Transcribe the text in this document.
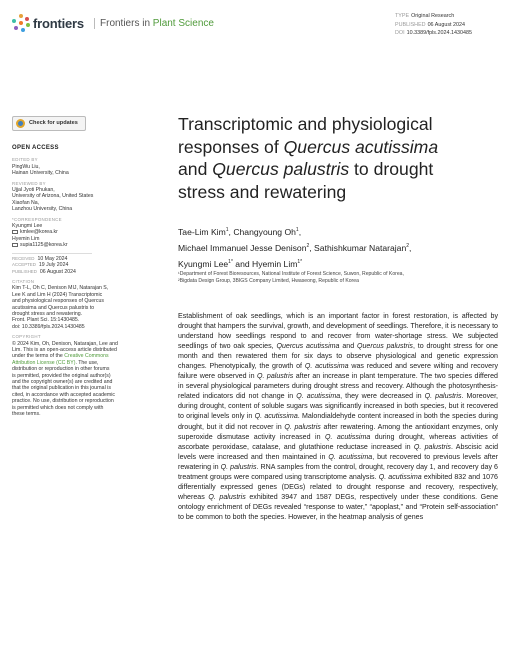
frontiers	Frontiers in Plant Science
TYPE Original Research
PUBLISHED 06 August 2024
DOI 10.3389/fpls.2024.1430485
Check for updates
OPEN ACCESS
EDITED BY
PingWu Liu,
Hainan University, China
REVIEWED BY
Ujjal Jyoti Phukan,
University of Arizona, United States
Xiaofan Na,
Lanzhou University, China
*CORRESPONDENCE
Kyungmi Lee
kmlee@korea.kr
Hyemin Lim
supia1125@korea.kr
RECEIVED 10 May 2024
ACCEPTED 19 July 2024
PUBLISHED 06 August 2024
CITATION
Kim T-L, Oh C, Denison MIJ, Natarajan S,
Lee K and Lim H (2024) Transcriptomic
and physiological responses of Quercus
acutissima and Quercus palustris to
drought stress and rewatering.
Front. Plant Sci. 15:1430485.
doi: 10.3389/fpls.2024.1430485
COPYRIGHT
© 2024 Kim, Oh, Denison, Natarajan, Lee and
Lim. This is an open-access article distributed
under the terms of the Creative Commons
Attribution License (CC BY). The use,
distribution or reproduction in other forums
is permitted, provided the original author(s)
and the copyright owner(s) are credited and
that the original publication in this journal is
cited, in accordance with accepted academic
practice. No use, distribution or reproduction
is permitted which does not comply with
these terms.
Transcriptomic and physiological
responses of Quercus acutissima
and Quercus palustris to drought
stress and rewatering
Tae-Lim Kim$^1$, Changyoung Oh$^1$,
Michael Immanuel Jesse Denison$^2$, Sathishkumar Natarajan$^2$,
Kyungmi Lee$^{1*}$ and Hyemin Lim$^{1*}$
¹Department of Forest Bioresources, National Institute of Forest Science, Suwon, Republic of Korea,
²Bigdata Design Group, 3BIGS Company Limited, Hwaseong, Republic of Korea

Establishment of oak seedlings, which is an important factor in forest restoration, is affected by drought that hampers the survival, growth, and development of seedlings. Therefore, it is necessary to understand how seedlings respond to and recover from water-shortage stress. We subjected seedlings of two oak species, Quercus acutissima and Quercus palustris, to drought stress for one month and then rewatered them for six days to observe physiological and genetic expression changes. Phenotypically, the growth of Q. acutissima was reduced and severe wilting and recovery failure were observed in Q. palustris after an increase in plant temperature. The two species differed in several physiological parameters during drought stress and recovery. Although the photosynthesis-related indicators did not change in Q. acutissima, they were decreased in Q. palustris. Moreover, during drought, content of soluble sugars was significantly increased in both species, but it recovered to original levels only in Q. acutissima. Malondialdehyde content increased in both the species during drought, but it did not recover in Q. palustris after rewatering. Among the antioxidant enzymes, only superoxide dismutase activity increased in Q. acutissima during drought, whereas activities of ascorbate peroxidase, catalase, and glutathione reductase increased in Q. palustris. Abscisic acid levels were increased and then maintained in Q. acutissima, but recovered to previous levels after rewatering in Q. palustris. RNA samples from the control, drought, recovery day 1, and recovery day 6 treatment groups were compared using transcriptome analysis. Q. acutissima exhibited 832 and 1076 differentially expressed genes (DEGs) related to drought response and recovery, respectively, whereas Q. palustris exhibited 3947 and 1587 DEGs, respectively under these conditions. Gene ontology enrichment of DEGs revealed “response to water,” “apoplast,” and “Protein self-association” to be common to both the species. However, in the heatmap analysis of genes
